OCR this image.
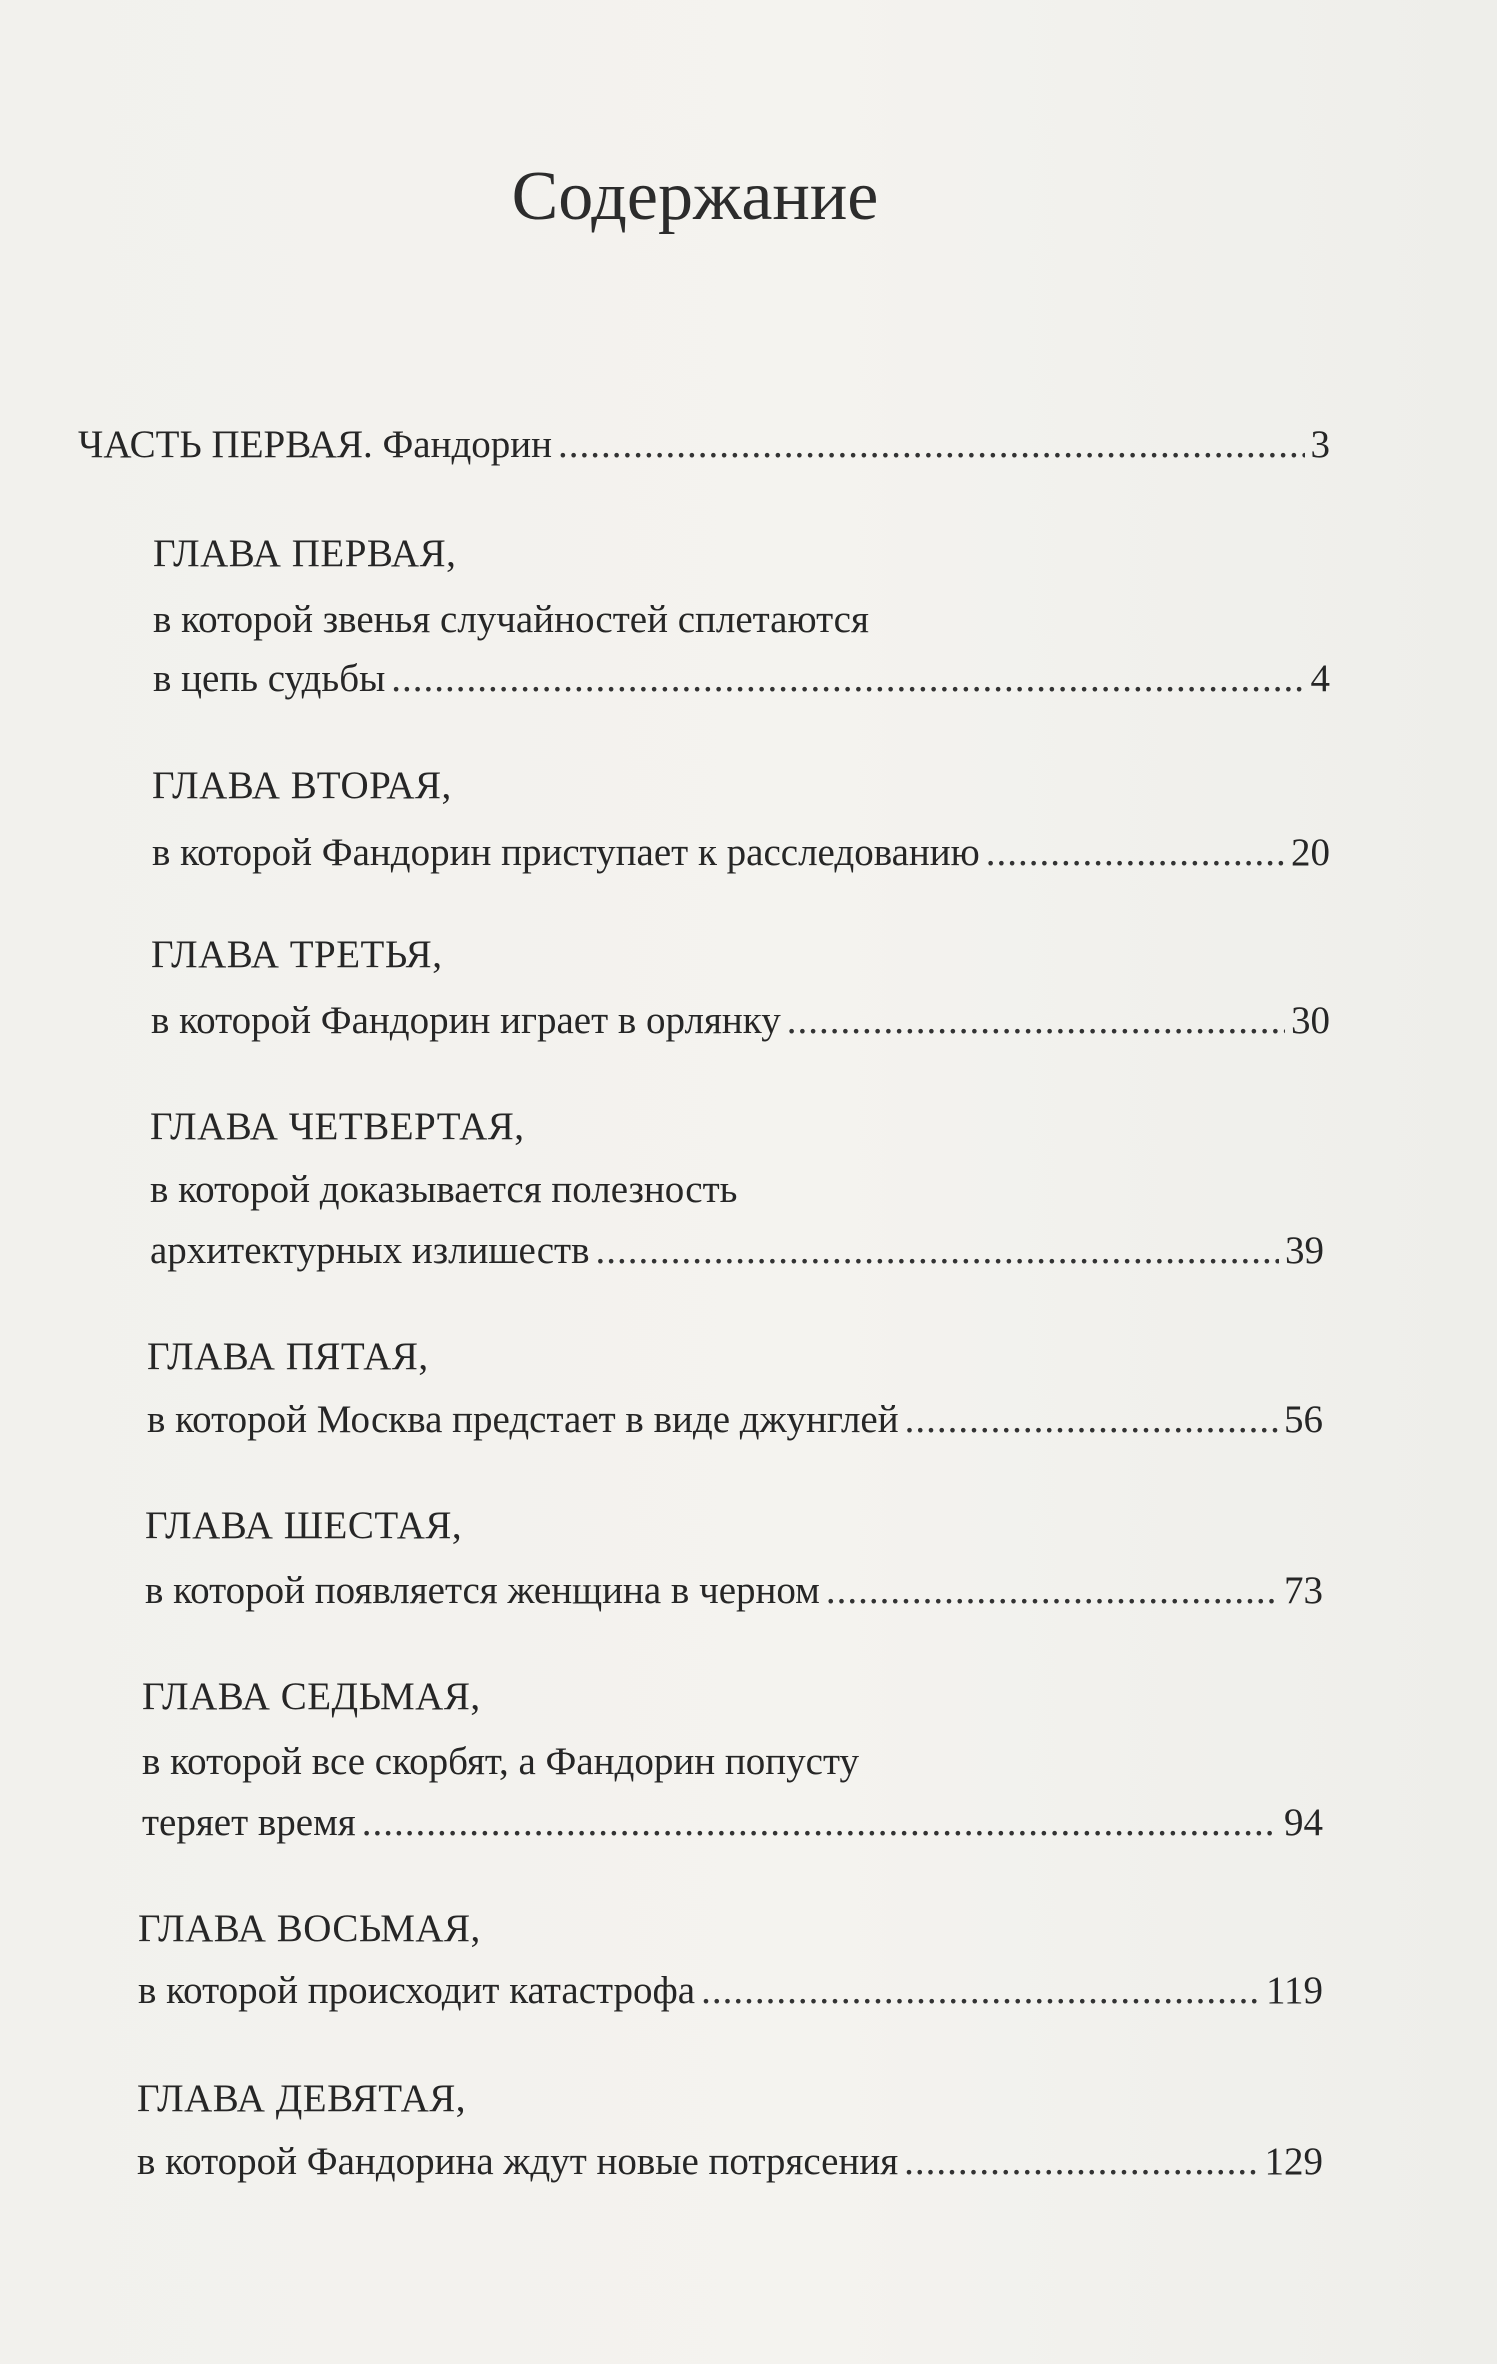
Содержание
ЧАСТЬ ПЕРВАЯ. Фандорин .....	3
ГЛАВА ПЕРВАЯ,
в которой звенья случайностей сплетаются
в цепь судьбы .....	4
ГЛАВА ВТОРАЯ,
в которой Фандорин приступает к расследованию .....	20
ГЛАВА ТРЕТЬЯ,
в которой Фандорин играет в орлянку .....	30
ГЛАВА ЧЕТВЕРТАЯ,
в которой доказывается полезность
архитектурных излишеств .....	39
ГЛАВА ПЯТАЯ,
в которой Москва предстает в виде джунглей .....	56
ГЛАВА ШЕСТАЯ,
в которой появляется женщина в черном .....	73
ГЛАВА СЕДЬМАЯ,
в которой все скорбят, а Фандорин попусту
теряет время .....	94
ГЛАВА ВОСЬМАЯ,
в которой происходит катастрофа .....	119
ГЛАВА ДЕВЯТАЯ,
в которой Фандорина ждут новые потрясения .....	129
